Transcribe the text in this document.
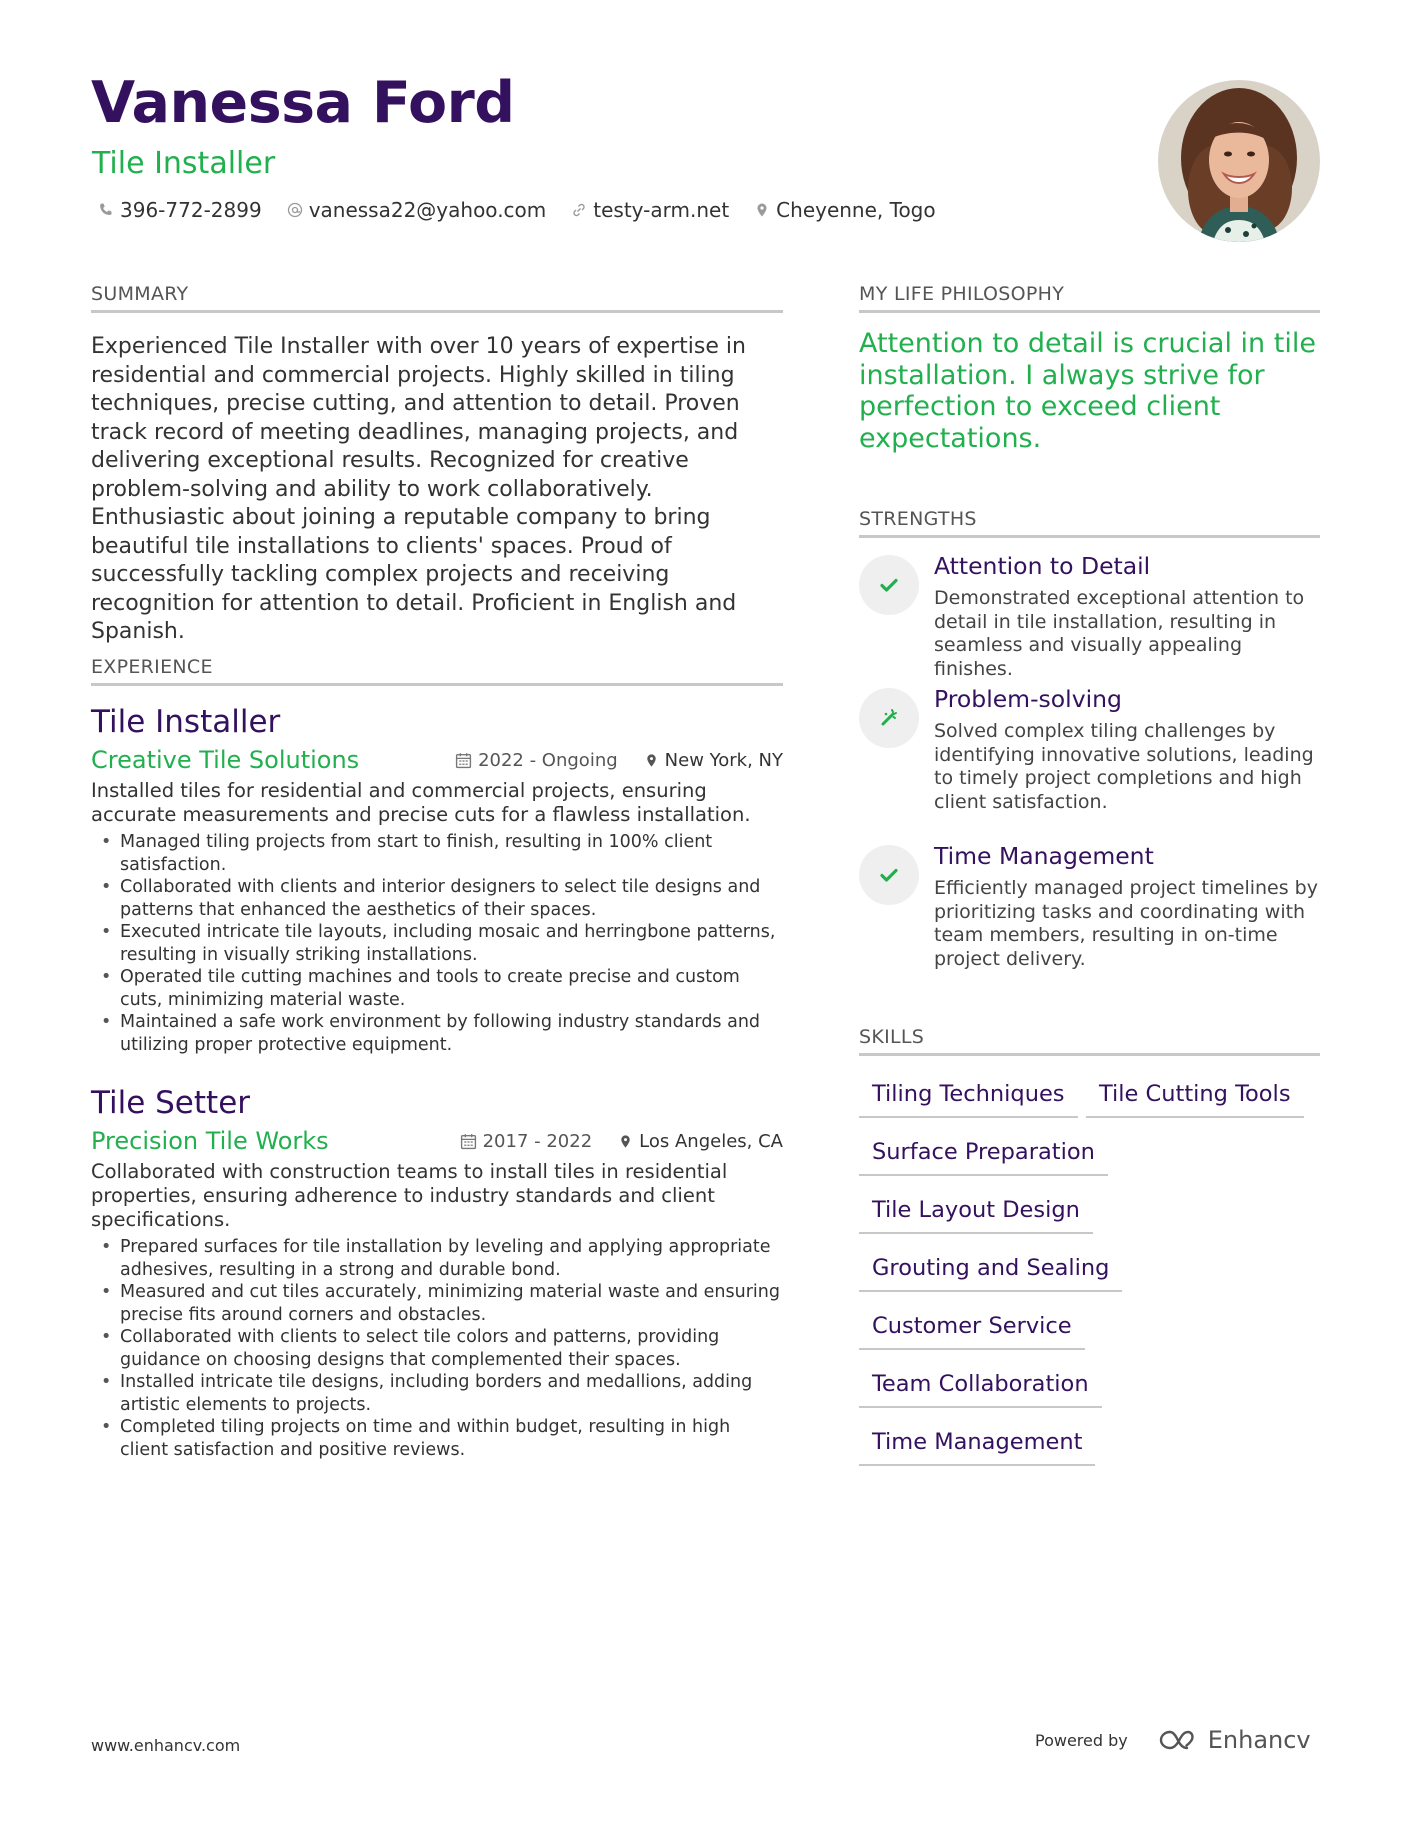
Vanessa Ford
Tile Installer
396-772-2899 vanessa22@yahoo.com testy-arm.net Cheyenne, Togo
SUMMARY
Experienced Tile Installer with over 10 years of expertise in residential and commercial projects. Highly skilled in tiling techniques, precise cutting, and attention to detail. Proven track record of meeting deadlines, managing projects, and delivering exceptional results. Recognized for creative problem-solving and ability to work collaboratively. Enthusiastic about joining a reputable company to bring beautiful tile installations to clients' spaces. Proud of successfully tackling complex projects and receiving recognition for attention to detail. Proficient in English and Spanish.
EXPERIENCE
Tile Installer
Creative Tile Solutions	2022 - Ongoing	New York, NY
Installed tiles for residential and commercial projects, ensuring accurate measurements and precise cuts for a flawless installation.
• Managed tiling projects from start to finish, resulting in 100% client satisfaction.
• Collaborated with clients and interior designers to select tile designs and patterns that enhanced the aesthetics of their spaces.
• Executed intricate tile layouts, including mosaic and herringbone patterns, resulting in visually striking installations.
• Operated tile cutting machines and tools to create precise and custom cuts, minimizing material waste.
• Maintained a safe work environment by following industry standards and utilizing proper protective equipment.
Tile Setter
Precision Tile Works	2017 - 2022	Los Angeles, CA
Collaborated with construction teams to install tiles in residential properties, ensuring adherence to industry standards and client specifications.
• Prepared surfaces for tile installation by leveling and applying appropriate adhesives, resulting in a strong and durable bond.
• Measured and cut tiles accurately, minimizing material waste and ensuring precise fits around corners and obstacles.
• Collaborated with clients to select tile colors and patterns, providing guidance on choosing designs that complemented their spaces.
• Installed intricate tile designs, including borders and medallions, adding artistic elements to projects.
• Completed tiling projects on time and within budget, resulting in high client satisfaction and positive reviews.
MY LIFE PHILOSOPHY
Attention to detail is crucial in tile installation. I always strive for perfection to exceed client expectations.
STRENGTHS
Attention to Detail
Demonstrated exceptional attention to detail in tile installation, resulting in seamless and visually appealing finishes.
Problem-solving
Solved complex tiling challenges by identifying innovative solutions, leading to timely project completions and high client satisfaction.
Time Management
Efficiently managed project timelines by prioritizing tasks and coordinating with team members, resulting in on-time project delivery.
SKILLS
Tiling Techniques	Tile Cutting Tools
Surface Preparation
Tile Layout Design
Grouting and Sealing
Customer Service
Team Collaboration
Time Management
www.enhancv.com	Powered by	Enhancv
